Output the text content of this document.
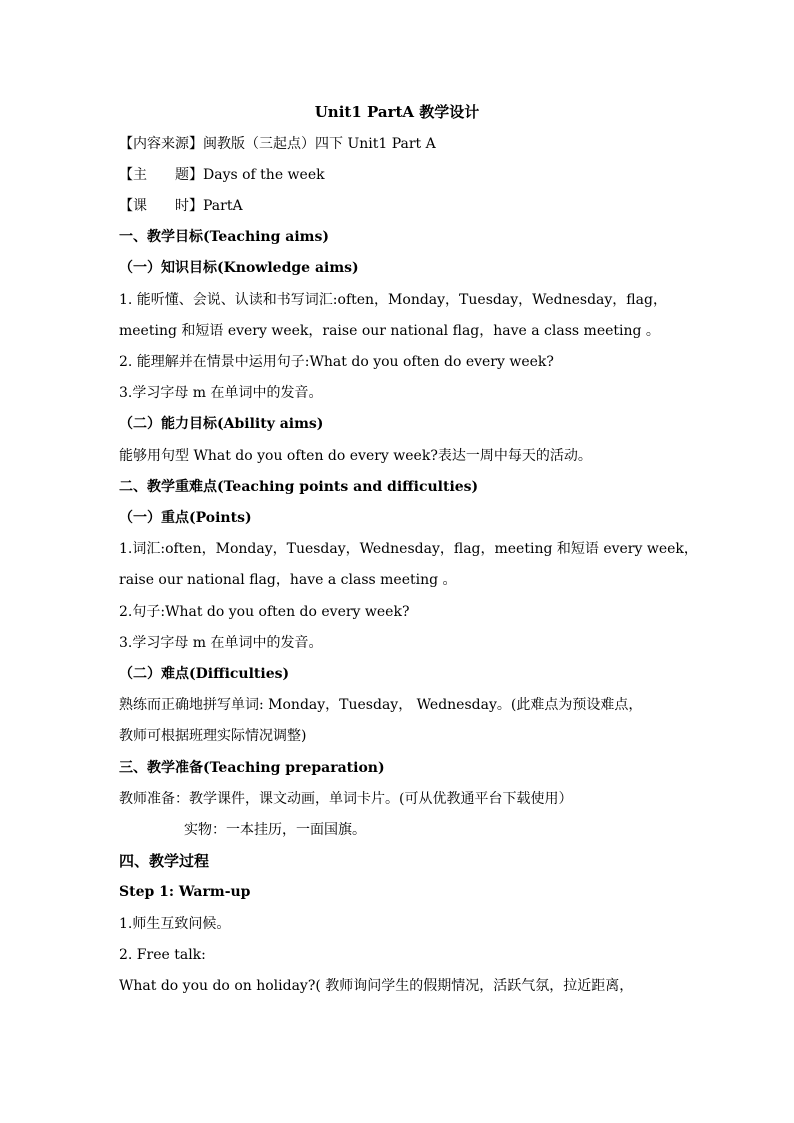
Unit1 PartA 教学设计
【内容来源】闽教版（三起点）四下 Unit1 Part A
【主　　题】Days of the week
【课　　时】PartA
一、教学目标(Teaching aims)
（一）知识目标(Knowledge aims)
1. 能听懂、会说、认读和书写词汇:often，Monday，Tuesday，Wednesday，flag，
meeting 和短语 every week，raise our national flag，have a class meeting 。
2. 能理解并在情景中运用句子:What do you often do every week?
3.学习字母 m 在单词中的发音。
（二）能力目标(Ability aims)
能够用句型 What do you often do every week?表达一周中每天的活动。
二、教学重难点(Teaching points and difficulties)
（一）重点(Points)
1.词汇:often，Monday，Tuesday，Wednesday，flag，meeting 和短语 every week，
raise our national flag，have a class meeting 。
2.句子:What do you often do every week?
3.学习字母 m 在单词中的发音。
（二）难点(Difficulties)
熟练而正确地拼写单词: Monday，Tuesday， Wednesday。(此难点为预设难点，
教师可根据班理实际情况调整)
三、教学准备(Teaching preparation)
教师准备：教学课件，课文动画，单词卡片。(可从优教通平台下载使用）
实物：一本挂历，一面国旗。
四、教学过程
Step 1: Warm-up
1.师生互致问候。
2. Free talk:
What do you do on holiday?( 教师询问学生的假期情况，活跃气氛，拉近距离，
